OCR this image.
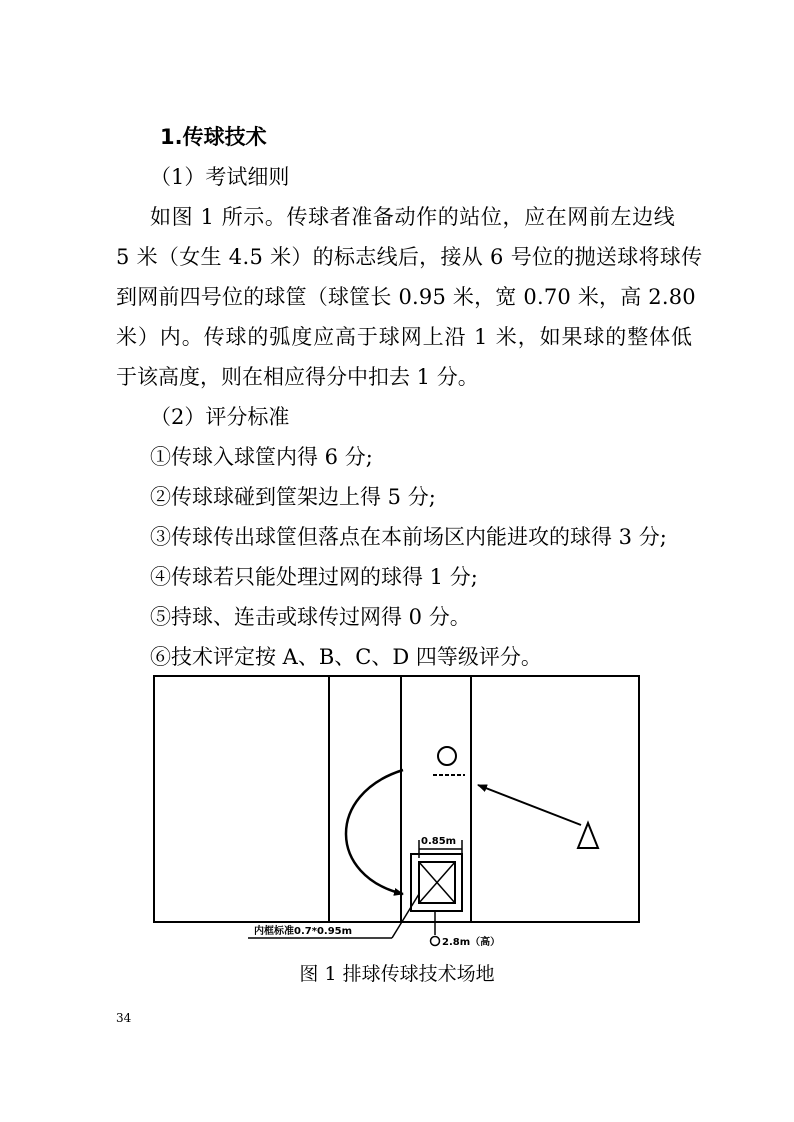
1.传球技术
（1）考试细则
如图 1 所示。传球者准备动作的站位，应在网前左边线
5 米（女生 4.5 米）的标志线后，接从 6 号位的抛送球将球传
到网前四号位的球筐（球筐长 0.95 米，宽 0.70 米，高 2.80
米）内。传球的弧度应高于球网上沿 1 米，如果球的整体低
于该高度，则在相应得分中扣去 1 分。
（2）评分标准
①传球入球筐内得 6 分;
②传球球碰到筐架边上得 5 分;
③传球传出球筐但落点在本前场区内能进攻的球得 3 分;
④传球若只能处理过网的球得 1 分;
⑤持球、连击或球传过网得 0 分。
⑥技术评定按 A、B、C、D 四等级评分。
0.85m
内框标准0.7*0.95m
2.8m（高）
图 1 排球传球技术场地
34
